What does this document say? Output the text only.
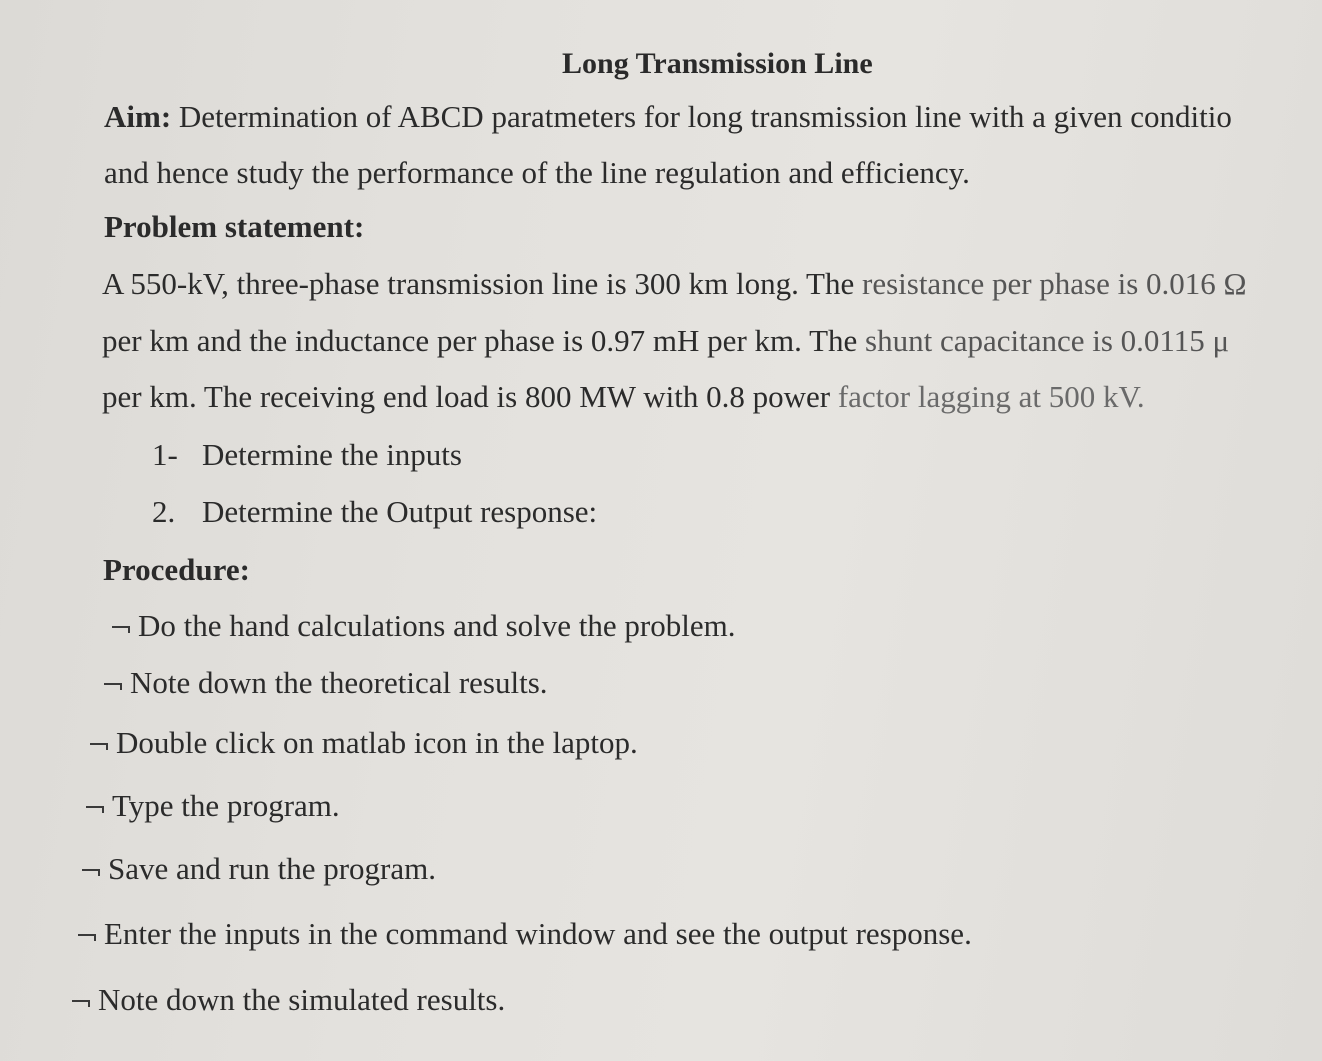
Long Transmission Line
Aim: Determination of ABCD paratmeters for long transmission line with a given conditio
and hence study the performance of the line regulation and efficiency.
Problem statement:
A 550-kV, three-phase transmission line is 300 km long. The resistance per phase is 0.016 Ω
per km and the inductance per phase is 0.97 mH per km. The shunt capacitance is 0.0115 μ
per km. The receiving end load is 800 MW with 0.8 power factor lagging at 500 kV.
1- Determine the inputs
2. Determine the Output response:
Procedure:
Do the hand calculations and solve the problem.
Note down the theoretical results.
Double click on matlab icon in the laptop.
Type the program.
Save and run the program.
Enter the inputs in the command window and see the output response.
Note down the simulated results.
